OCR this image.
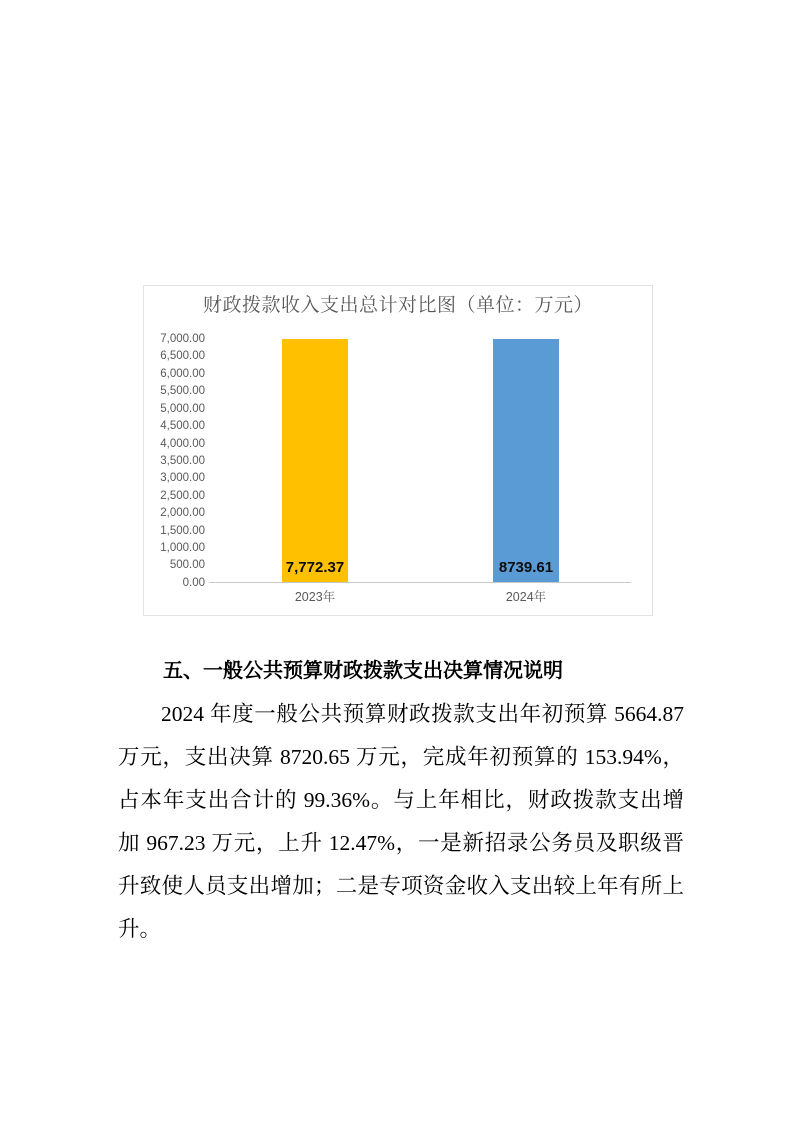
财政拨款收入支出总计对比图（单位：万元）
7,000.00
6,500.00
6,000.00
5,500.00
5,000.00
4,500.00
4,000.00
3,500.00
3,000.00
2,500.00
2,000.00
1,500.00
1,000.00
500.00
0.00
7,772.37	8739.61
2023年	2024年
五、一般公共预算财政拨款支出决算情况说明

2024 年度一般公共预算财政拨款支出年初预算 5664.87 万元，支出决算 8720.65 万元，完成年初预算的 153.94%，占本年支出合计的 99.36%。与上年相比，财政拨款支出增加 967.23 万元，上升 12.47%，一是新招录公务员及职级晋升致使人员支出增加；二是专项资金收入支出较上年有所上升。
